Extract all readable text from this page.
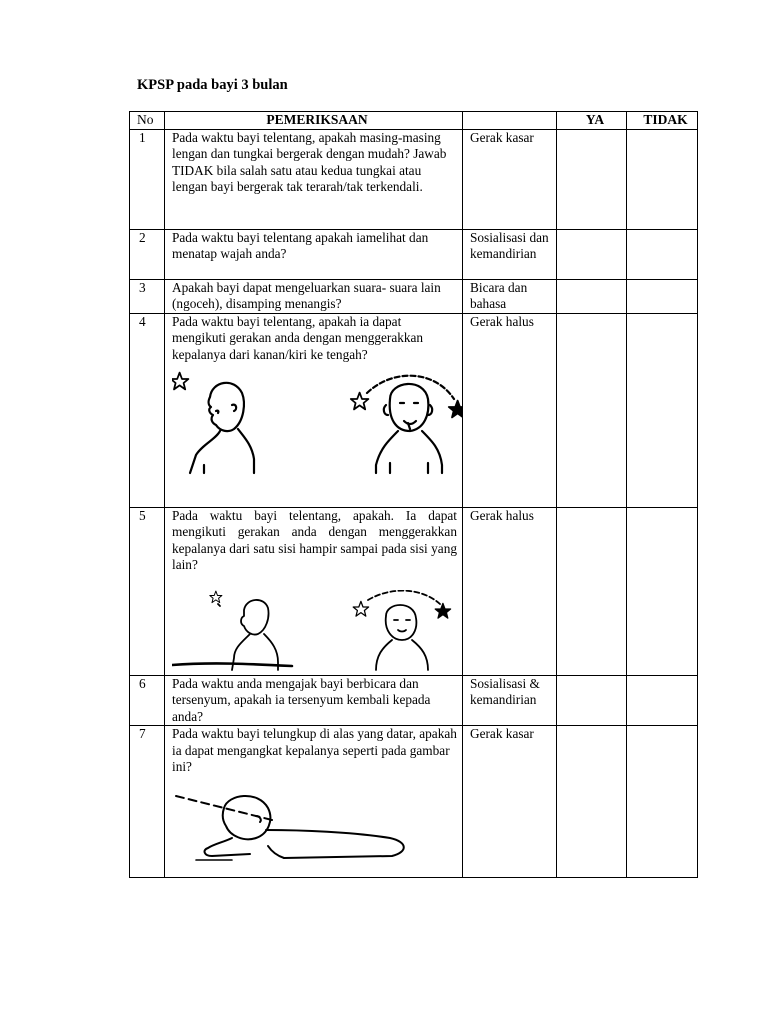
KPSP pada bayi 3 bulan
No	PEMERIKSAAN		YA	TIDAK
1	Pada waktu bayi telentang, apakah masing-masing lengan dan tungkai bergerak dengan mudah? Jawab TIDAK bila salah satu atau kedua tungkai atau lengan bayi bergerak tak terarah/tak terkendali.	Gerak kasar		
2	Pada waktu bayi telentang apakah iamelihat dan menatap wajah anda?	Sosialisasi dan kemandirian		
3	Apakah bayi dapat mengeluarkan suara- suara lain (ngoceh), disamping menangis?	Bicara dan bahasa		
4	Pada waktu bayi telentang, apakah ia dapat mengikuti gerakan anda dengan menggerakkan kepalanya dari kanan/kiri ke tengah?	Gerak halus		
5	Pada waktu bayi telentang, apakah. Ia dapat mengikuti gerakan anda dengan menggerakkan kepalanya dari satu sisi hampir sampai pada sisi yang lain?	Gerak halus		
6	Pada waktu anda mengajak bayi berbicara dan tersenyum, apakah ia tersenyum kembali kepada anda?	Sosialisasi & kemandirian		
7	Pada waktu bayi telungkup di alas yang datar, apakah ia dapat mengangkat kepalanya seperti pada gambar ini?	Gerak kasar		
